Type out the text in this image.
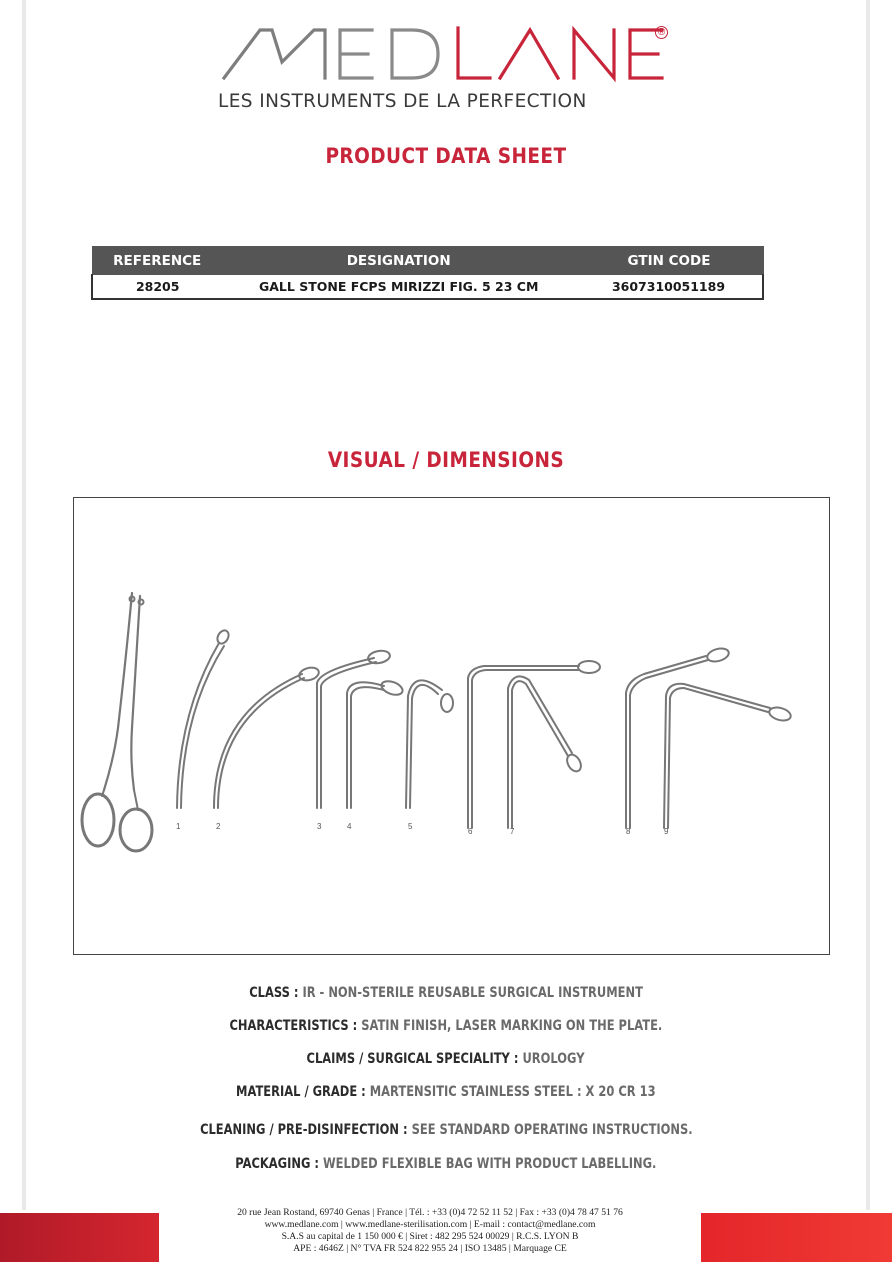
®
LES INSTRUMENTS DE LA PERFECTION
PRODUCT DATA SHEET
REFERENCE	DESIGNATION	GTIN CODE
28205	GALL STONE FCPS MIRIZZI FIG. 5 23 CM	3607310051189
VISUAL / DIMENSIONS
1	2	3	4	5
6	7	8	9
CLASS : IR - NON-STERILE REUSABLE SURGICAL INSTRUMENT
CHARACTERISTICS : SATIN FINISH, LASER MARKING ON THE PLATE.
CLAIMS / SURGICAL SPECIALITY : UROLOGY
MATERIAL / GRADE : MARTENSITIC STAINLESS STEEL : X 20 CR 13
CLEANING / PRE-DISINFECTION : SEE STANDARD OPERATING INSTRUCTIONS.
PACKAGING : WELDED FLEXIBLE BAG WITH PRODUCT LABELLING.
20 rue Jean Rostand, 69740 Genas | France | Tél. : +33 (0)4 72 52 11 52 | Fax : +33 (0)4 78 47 51 76
www.medlane.com | www.medlane-sterilisation.com | E-mail : contact@medlane.com
S.A.S au capital de 1 150 000 € | Siret : 482 295 524 00029 | R.C.S. LYON B
APE : 4646Z | N° TVA FR 524 822 955 24 | ISO 13485 | Marquage CE
